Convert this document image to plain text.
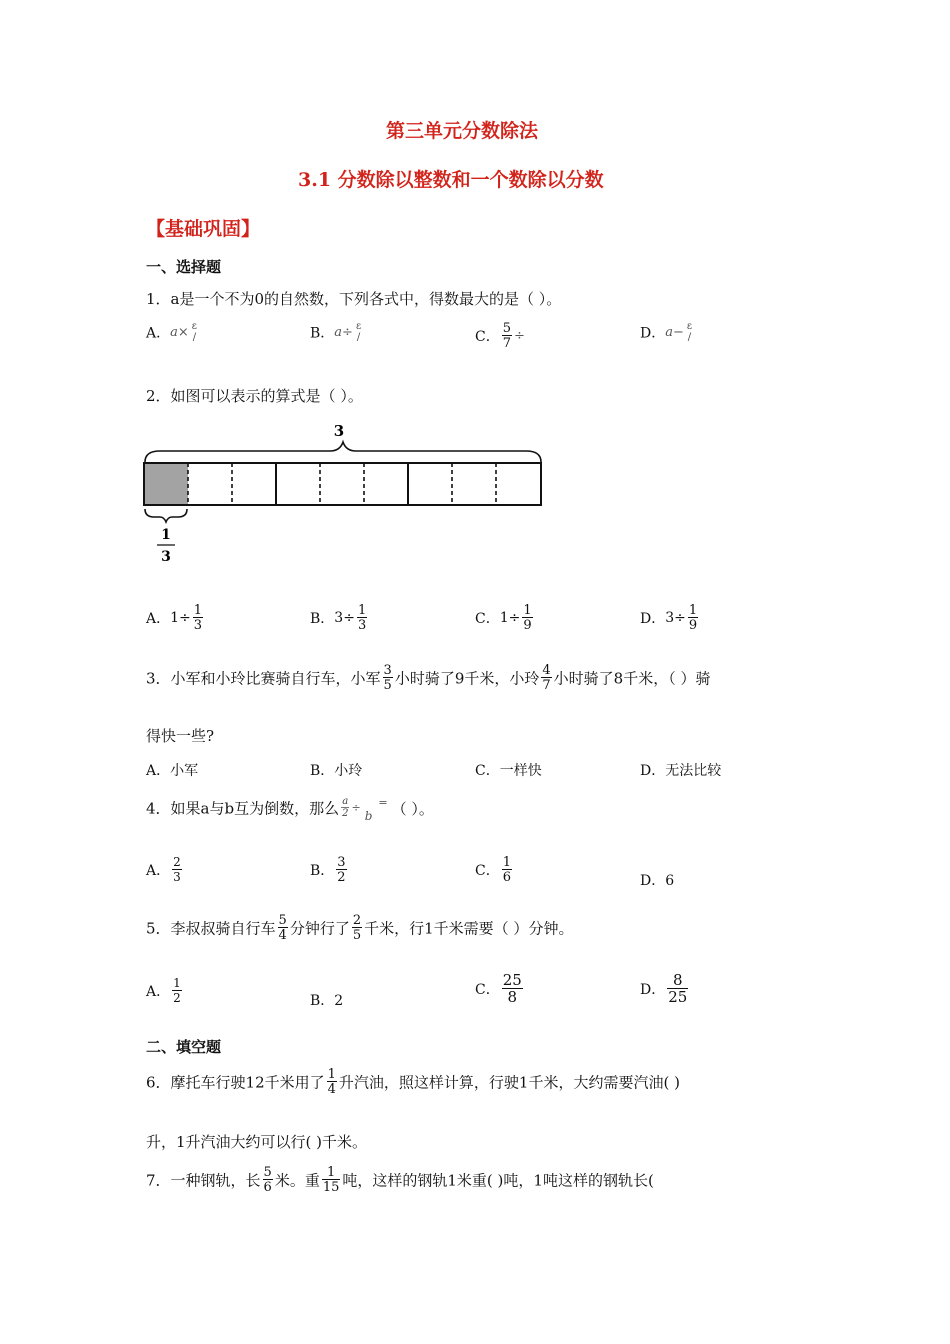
第三单元分数除法
3.1 分数除以整数和一个数除以分数
【基础巩固】
一、选择题
1．a是一个不为0的自然数，下列各式中，得数最大的是（ ）。
A．a× ε
/	B．a÷ ε
/	C． $\frac{5}{7}$ ÷	D．a− ε
/
2．如图可以表示的算式是（ ）。
3
1
3
A．$1\div \frac{1}{3}$	B．$3\div \frac{1}{3}$	C．$1\div \frac{1}{9}$	D．$3\div \frac{1}{9}$
3．小军和小玲比赛骑自行车，小军 $\frac{3}{5}$ 小时骑了9千米，小玲 $\frac{4}{7}$ 小时骑了8千米，（ ）骑
得快一些?
A．小军	B．小玲	C．一样快	D．无法比较
4．如果a与b互为倒数，那么 $\frac{a}{2} \div_b^=$ （ ）。
A． $\frac{2}{3}$	B． $\frac{3}{2}$	C． $\frac{1}{6}$	D．6
5．李叔叔骑自行车 $\frac{5}{4}$ 分钟行了 $\frac{2}{5}$ 千米，行1千米需要（ ）分钟。
A． $\frac{1}{2}$	B．2
C． $\frac{25}{8}$	D． $\frac{8}{25}$
二、填空题
6．摩托车行驶12千米用了 $\frac{1}{4}$ 升汽油，照这样计算，行驶1千米，大约需要汽油( )
升，1升汽油大约可以行( )千米。
7．一种钢轨，长 $\frac{5}{6}$ 米。重 $\frac{1}{15}$ 吨，这样的钢轨1米重( )吨，1吨这样的钢轨长(
